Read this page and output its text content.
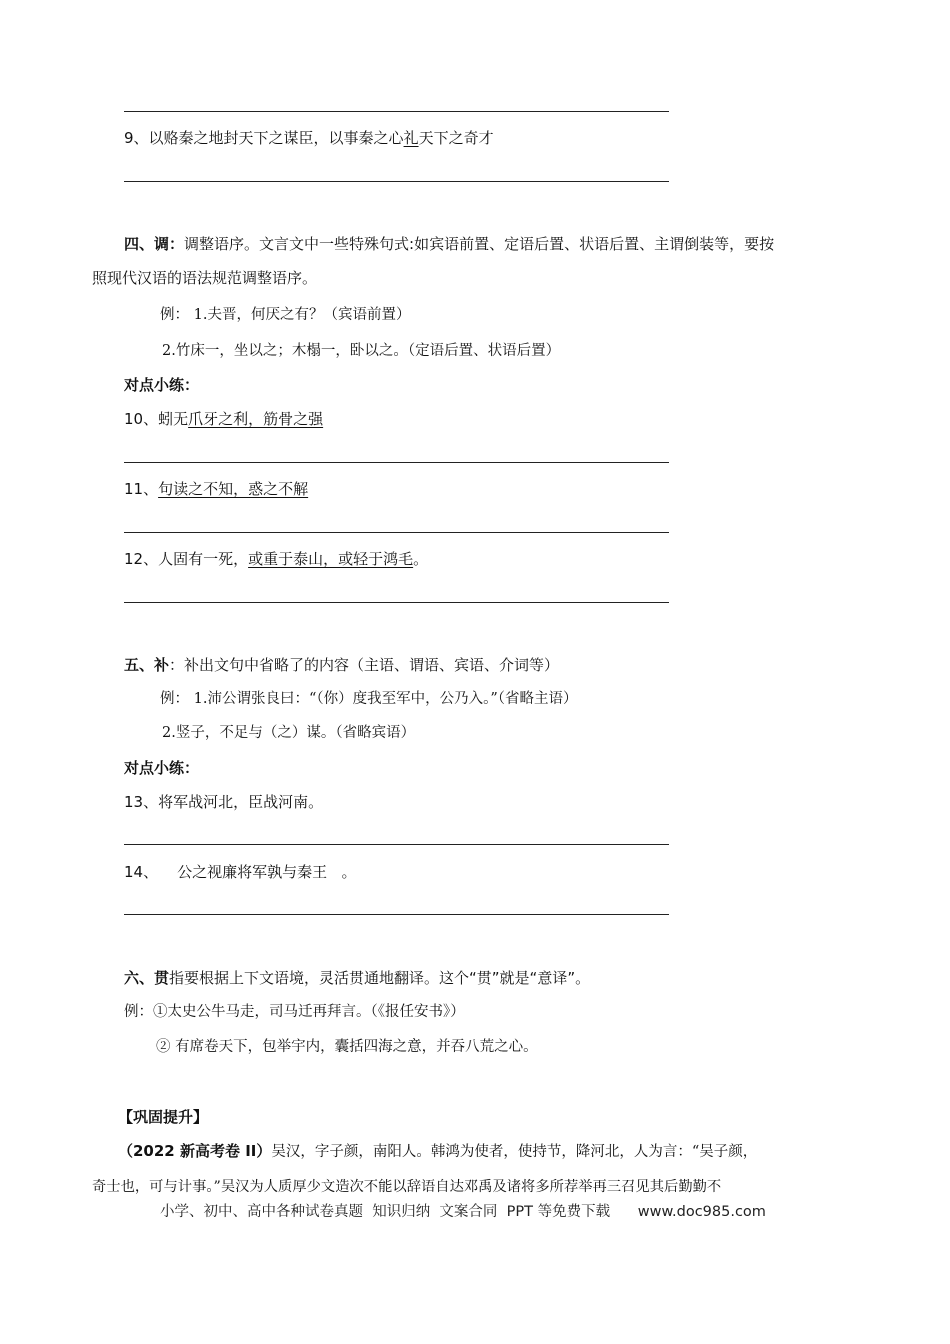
9、以赂秦之地封天下之谋臣，以事秦之心礼天下之奇才
四、调：调整语序。文言文中一些特殊句式:如宾语前置、定语后置、状语后置、主谓倒装等，要按
照现代汉语的语法规范调整语序。
例： 1.夫晋，何厌之有？（宾语前置）
2.竹床一，坐以之；木榻一，卧以之。（定语后置、状语后置）
对点小练：
10、蚓无爪牙之利，筋骨之强
11、句读之不知，惑之不解
12、人固有一死，或重于泰山，或轻于鸿毛。
五、补：补出文句中省略了的内容（主语、谓语、宾语、介词等）
例： 1.沛公谓张良曰：“（你）度我至军中，公乃入。”（省略主语）
2.竖子，不足与（之）谋。（省略宾语）
对点小练：
13、将军战河北，臣战河南。
14、    公之视廉将军孰与秦王   。
六、贯指要根据上下文语境，灵活贯通地翻译。这个“贯”就是“意译”。
例：①太史公牛马走，司马迁再拜言。（《报任安书》）
② 有席卷天下，包举宇内，囊括四海之意，并吞八荒之心。
【巩固提升】
（2022 新高考卷 II）吴汉，字子颜，南阳人。韩鸿为使者，使持节，降河北，人为言：“吴子颜，
奇士也，可与计事。”吴汉为人质厚少文造次不能以辞语自达邓禹及诸将多所荐举再三召见其后勤勤不
小学、初中、高中各种试卷真题  知识归纳  文案合同  PPT 等免费下载      www.doc985.com
